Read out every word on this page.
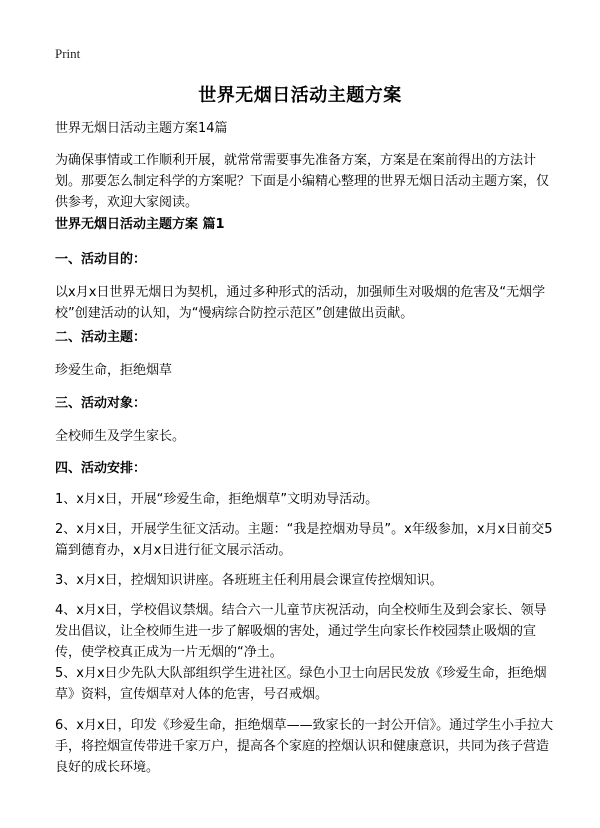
Print
世界无烟日活动主题方案

世界无烟日活动主题方案14篇

为确保事情或工作顺利开展，就常常需要事先准备方案，方案是在案前得出的方法计划。那要怎么制定科学的方案呢？下面是小编精心整理的世界无烟日活动主题方案，仅供参考，欢迎大家阅读。

世界无烟日活动主题方案 篇1

一、活动目的：

以x月x日世界无烟日为契机，通过多种形式的活动，加强师生对吸烟的危害及“无烟学校”创建活动的认知，为“慢病综合防控示范区”创建做出贡献。

二、活动主题：

珍爱生命，拒绝烟草

三、活动对象：

全校师生及学生家长。

四、活动安排：

1、x月x日，开展“珍爱生命，拒绝烟草”文明劝导活动。

2、x月x日，开展学生征文活动。主题：“我是控烟劝导员”。x年级参加，x月x日前交5篇到德育办，x月x日进行征文展示活动。

3、x月x日，控烟知识讲座。各班班主任利用晨会课宣传控烟知识。

4、x月x日，学校倡议禁烟。结合六一儿童节庆祝活动，向全校师生及到会家长、领导发出倡议，让全校师生进一步了解吸烟的害处，通过学生向家长作校园禁止吸烟的宣传，使学校真正成为一片无烟的“净土。

5、x月x日少先队大队部组织学生进社区。绿色小卫士向居民发放《珍爱生命，拒绝烟草》资料，宣传烟草对人体的危害，号召戒烟。

6、x月x日，印发《珍爱生命，拒绝烟草——致家长的一封公开信》。通过学生小手拉大手，将控烟宣传带进千家万户，提高各个家庭的控烟认识和健康意识，共同为孩子营造良好的成长环境。
